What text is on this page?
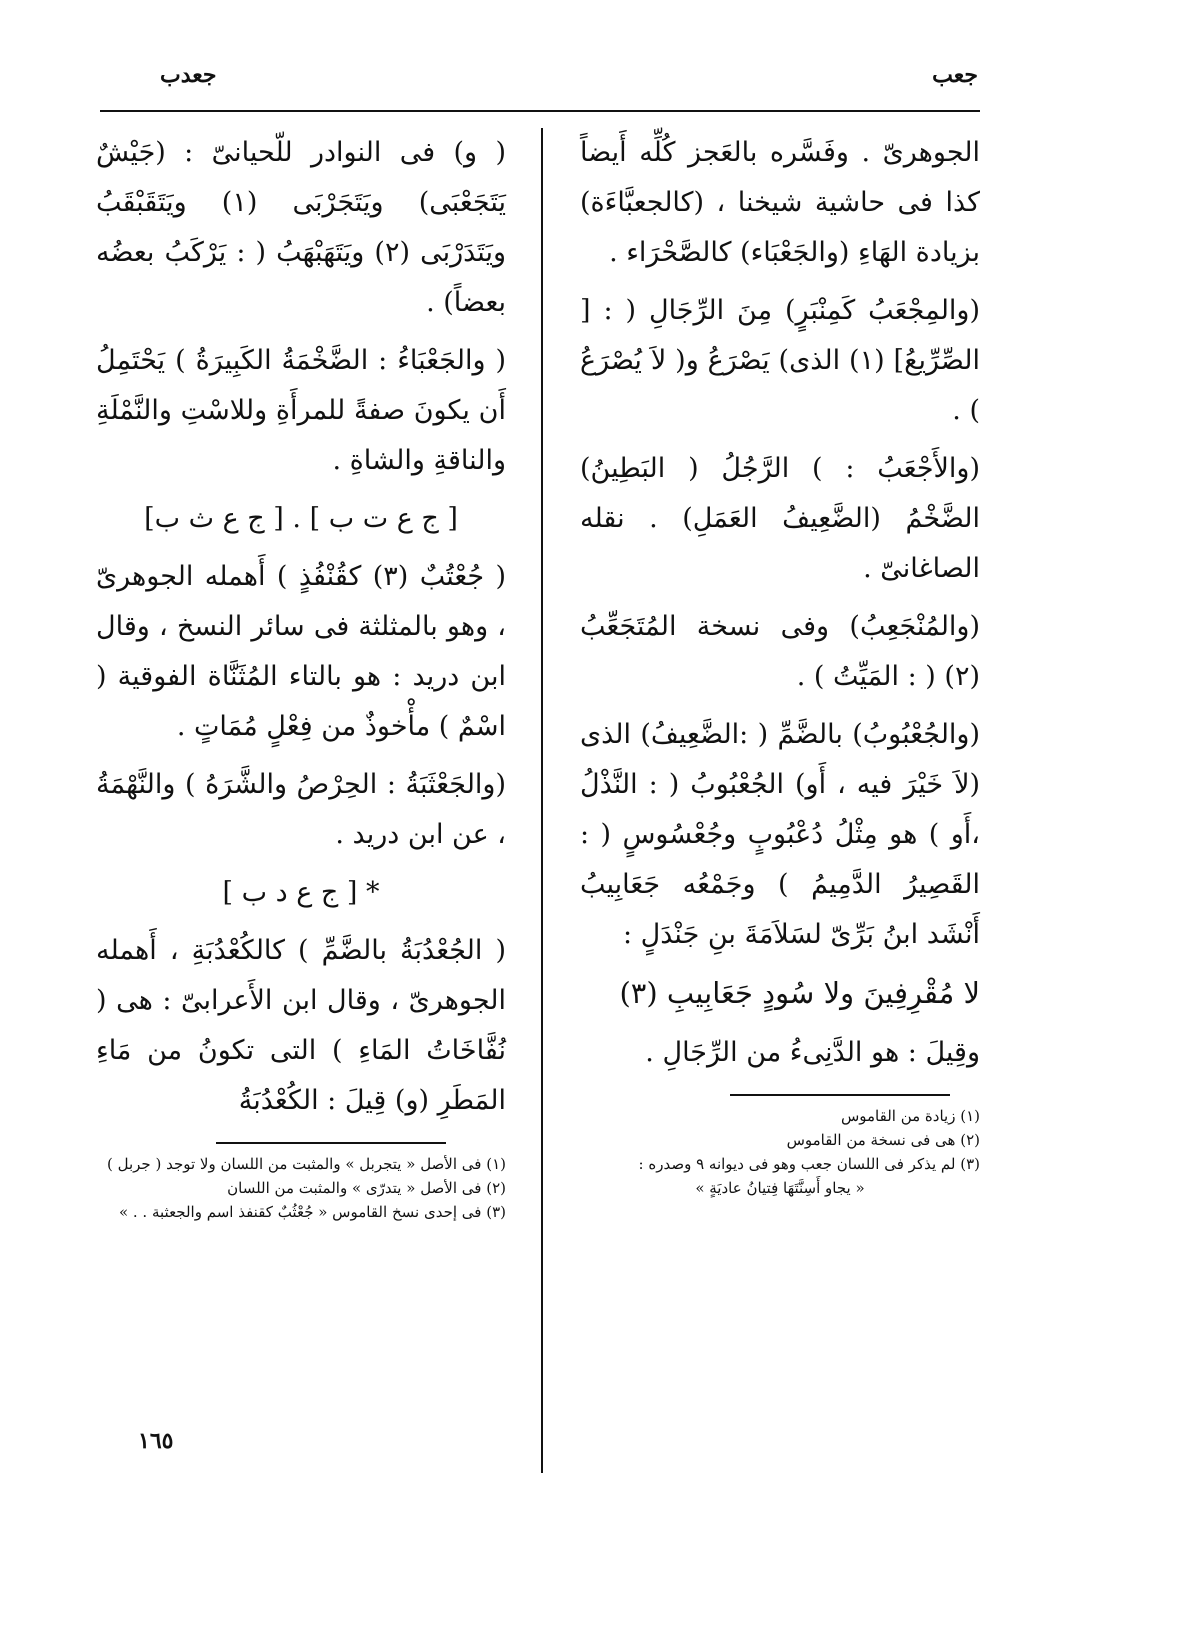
جعدب	جعب

الجوهرىّ . وفَسَّره بالعَجز كُلِّه أَيضاً كذا فى حاشية شيخنا ، (كالجعبَّاءَة) بزيادة الهَاءِ (والجَعْبَاء) كالصَّحْرَاء .

(والمِجْعَبُ كَمِنْبَرٍ) مِنَ الرِّجَالِ ( : [ الصِّرِّيعُ] (١) الذى) يَصْرَعُ و( لاَ يُصْرَعُ ) .

(والأَجْعَبُ : ) الرَّجُلُ ( البَطِينُ) الضَّخْمُ (الضَّعِيفُ العَمَلِ) . نقله الصاغانىّ .

(والمُنْجَعِبُ) وفى نسخة المُتَجَعِّبُ (٢) ( : المَيِّتُ ) .

(والجُعْبُوبُ) بالضَّمِّ ( :الضَّعِيفُ) الذى (لاَ خَيْرَ فيه ، أَو) الجُعْبُوبُ ( : النَّذْلُ ،أَو ) هو مِثْلُ دُعْبُوبٍ وجُعْسُوسٍ ( : القَصِيرُ الدَّمِيمُ ) وجَمْعُه جَعَابِيبُ أَنْشَد ابنُ بَرِّىّ لسَلاَمَةَ بنِ جَنْدَلٍ :

لا مُقْرِفِينَ ولا سُودٍ جَعَابِيبِ (٣)

وقِيلَ : هو الدَّنِىءُ من الرِّجَالِ .

(١) زيادة من القاموس
(٢) هى فى نسخة من القاموس
(٣) لم يذكر فى اللسان جعب وهو فى ديوانه ٩ وصدره :
« يجاو أَسِنَّتَهَا فِتيانُ عاديَةٍ »

( و) فى النوادر للّحيانىّ : (جَيْشٌ يَتَجَعْبَى) ويَتَجَرْبَى (١) ويَتَقَبْقَبُ ويَتَدَرْبَى (٢) ويَتَهَبْهَبُ ( : يَرْكَبُ بعضُه بعضاً) .

( والجَعْبَاءُ : الضَّخْمَةُ الكَبِيرَةُ ) يَحْتَمِلُ أَن يكونَ صفةً للمرأَةِ وللاسْتِ والنَّمْلَةِ والناقةِ والشاةِ .

[ ج ع ت ب ] . [ ج ع ث ب]

( جُعْتُبٌ (٣) كقُنْفُذٍ ) أَهمله الجوهرىّ ، وهو بالمثلثة فى سائر النسخ ، وقال ابن دريد : هو بالتاء المُثَنَّاة الفوقية ( اسْمٌ ) مأْخوذٌ من فِعْلٍ مُمَاتٍ .

(والجَعْثَبَةُ : الحِرْصُ والشَّرَهُ ) والنَّهْمَةُ ، عن ابن دريد .

* [ ج ع د ب ]

( الجُعْدُبَةُ بالضَّمِّ ) كالكُعْدُبَةِ ، أَهمله الجوهرىّ ، وقال ابن الأَعرابىّ : هى ( نُفَّاخَاتُ المَاءِ ) التى تكونُ من مَاءِ المَطَرِ (و) قِيلَ : الكُعْدُبَةُ

(١) فى الأصل « يتجربل » والمثبت من اللسان ولا توجد ( جربل )
(٢) فى الأصل « يتدرّى » والمثبت من اللسان
(٣) فى إحدى نسخ القاموس « جُعْثُبٌ كقنفذ اسم والجعثبة . . »
١٦٥
